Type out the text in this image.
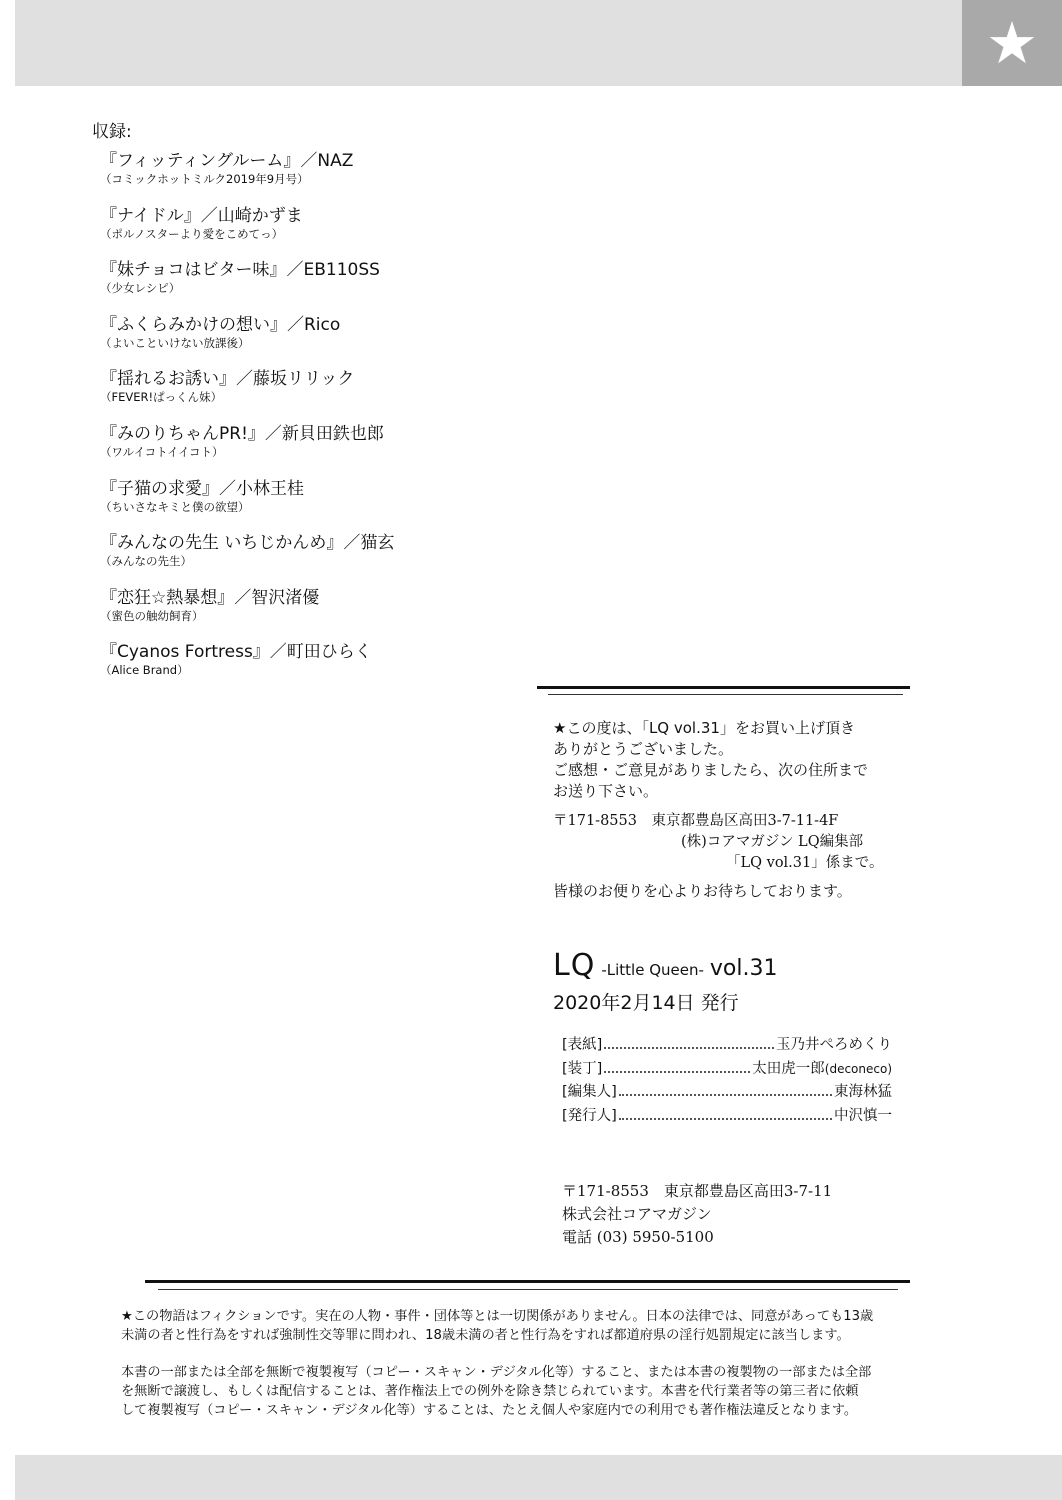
★
収録:
『フィッティングルーム』／NAZ
（コミックホットミルク2019年9月号）
『ナイドル』／山崎かずま
（ポルノスターより愛をこめてっ）
『妹チョコはビター味』／EB110SS
（少女レシピ）
『ふくらみかけの想い』／Rico
（よいこといけない放課後）
『揺れるお誘い』／藤坂リリック
（FEVER!ぱっくん妹）
『みのりちゃんPR!』／新貝田鉄也郎
（ワルイコトイイコト）
『子猫の求愛』／小林王桂
（ちいさなキミと僕の欲望）
『みんなの先生 いちじかんめ』／猫玄
（みんなの先生）
『恋狂☆熱暴想』／智沢渚優
（蜜色の触幼飼育）
『Cyanos Fortress』／町田ひらく
（Alice Brand）

★この度は、「LQ vol.31」をお買い上げ頂き

ありがとうございました。

ご感想・ご意見がありましたら、次の住所まで

お送り下さい。

〒171-8553　東京都豊島区高田3-7-11-4F
(株)コアマガジン LQ編集部
「LQ vol.31」係まで。
皆様のお便りを心よりお待ちしております。
LQ -Little Queen- vol.31
2020年2月14日 発行
[表紙]	玉乃井ぺろめくり
[装丁]	太田虎一郎 (deconeco)
[編集人]	東海林猛
[発行人]	中沢慎一
〒171-8553　東京都豊島区高田3-7-11
株式会社コアマガジン
電話 (03) 5950-5100

★この物語はフィクションです。実在の人物・事件・団体等とは一切関係がありません。日本の法律では、同意があっても13歳

未満の者と性行為をすれば強制性交等罪に問われ、18歳未満の者と性行為をすれば都道府県の淫行処罰規定に該当します。

本書の一部または全部を無断で複製複写（コピー・スキャン・デジタル化等）すること、または本書の複製物の一部または全部

を無断で譲渡し、もしくは配信することは、著作権法上での例外を除き禁じられています。本書を代行業者等の第三者に依頼

して複製複写（コピー・スキャン・デジタル化等）することは、たとえ個人や家庭内での利用でも著作権法違反となります。
